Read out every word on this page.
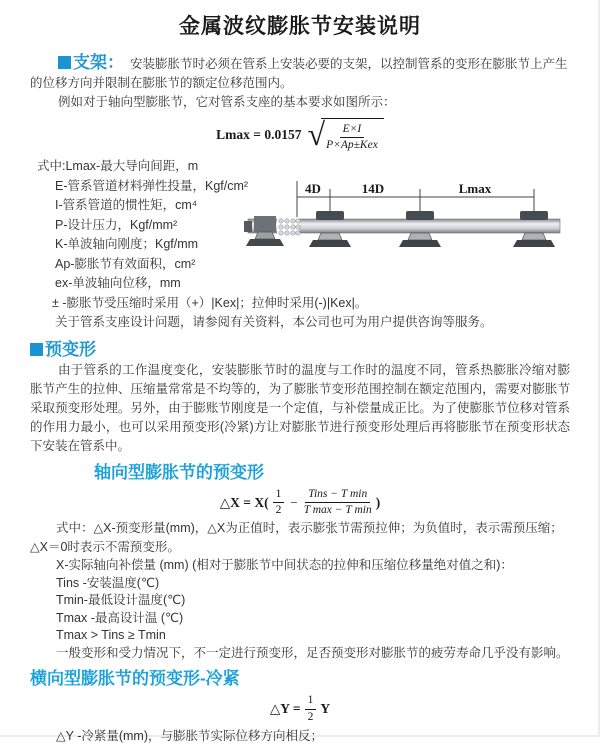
金属波纹膨胀节安装说明

支架： 安装膨胀节时必须在管系上安装必要的支架，以控制管系的变形在膨胀节上产生的位移方向并限制在膨胀节的额定位移范围内。

例如对于轴向型膨胀节，它对管系支座的基本要求如图所示：

Lmax = 0.0157 √ $\frac{E\times I}{\text{P×Ap±Kex}}$
式中:Lmax-最大导向间距，m
E-管系管道材料弹性投量，Kgf/cm²
I-管系管道的惯性矩，cm⁴
P-设计压力，Kgf/mm²
K-单波轴向刚度；Kgf/mm
Ap-膨胀节有效面积，cm²
ex-单波轴向位移，mm
± -膨胀节受压缩时采用（+）|Kex|；拉伸时采用(-)|Kex|。
关于管系支座设计问题，请参阅有关资料，本公司也可为用户提供咨询等服务。
4D	14D	Lmax
预变形

由于管系的工作温度变化，安装膨胀节时的温度与工作时的温度不同，管系热膨胀冷缩对膨胀节产生的拉伸、压缩量常常是不均等的，为了膨胀节变形范围控制在额定范围内，需要对膨胀节采取预变形处理。另外，由于膨账节刚度是一个定值，与补偿量成正比。为了使膨胀节位移对管系的作用力最小，也可以采用预变形(冷紧)方让对膨胀节进行预变形处理后再将膨胀节在预变形状态下安装在管系中。

轴向型膨胀节的预变形
△X = $X( \frac{1}{2} - \frac{\text{Tins − T min}}{\text{T max − T min}}$ )

式中：△X-预变形量(mm)，△X为正值时，表示膨张节需预拉伸；为负值时，表示需预压缩；△X＝0时表示不需预变形。

X-实际轴向补偿量 (mm) (相对于膨胀节中间状态的拉伸和压缩位移量绝对值之和)：
Tins -安装温度(℃)
Tmin-最低设计温度(℃)
Tmax -最高设计温 (℃)
Tmax > Tins ≥ Tmin
一般变形和受力情况下，不一定进行预变形，足否预变形对膨胀节的疲劳寿命几乎没有影响。
横向型膨胀节的预变形-冷紧
△Y = $\frac{1}{2}$ Y

△Y -冷紧量(mm)，与膨胀节实际位移方向相反；
